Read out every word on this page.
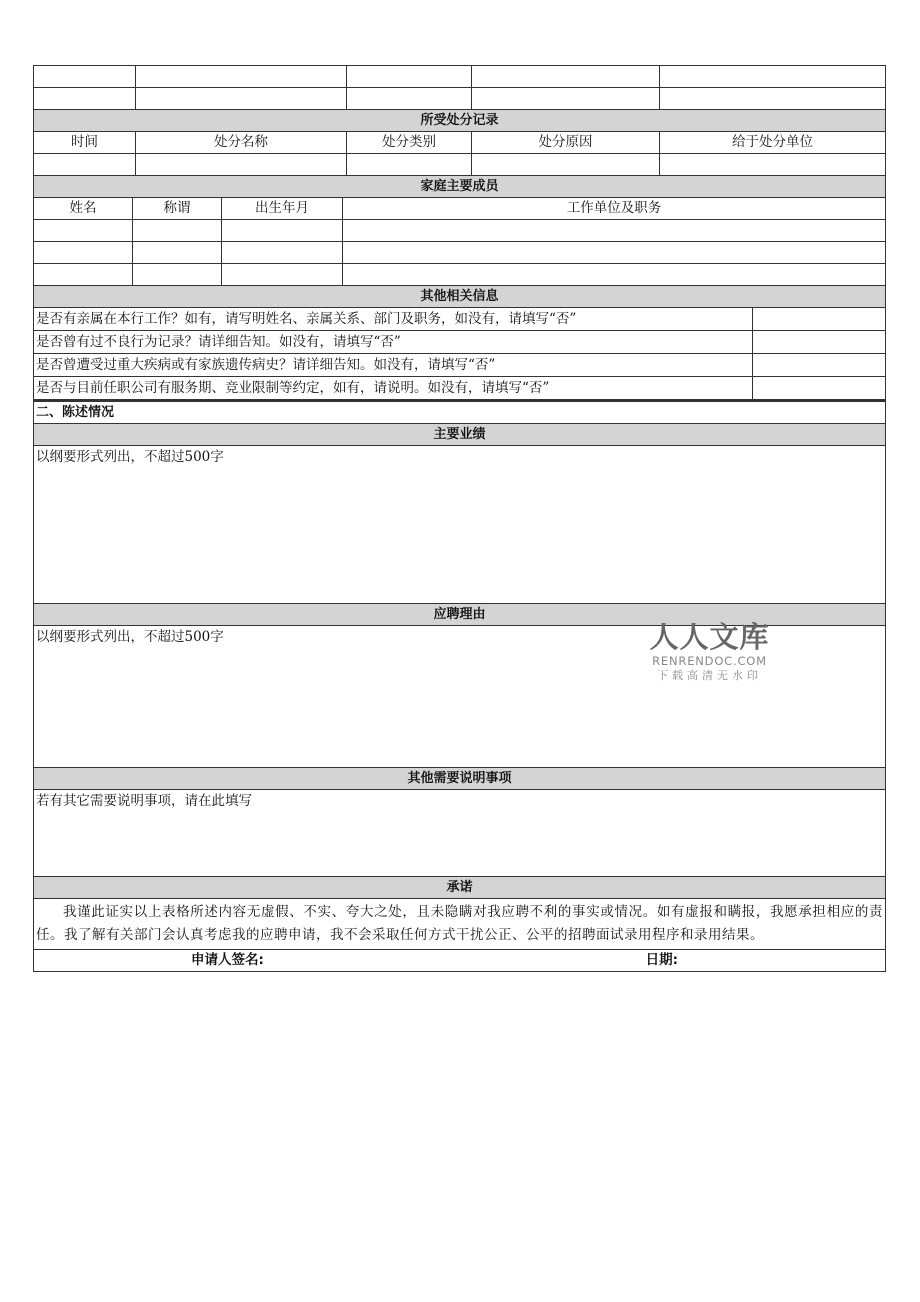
所受处分记录				
时间	处分名称	处分类别	处分原因	给于处分单位

家庭主要成员			
姓名	称谓	出生年月	工作单位及职务

其他相关信息	
是否有亲属在本行工作？如有，请写明姓名、亲属关系、部门及职务，如没有，请填写“否”	
是否曾有过不良行为记录？请详细告知。如没有，请填写“否”	
是否曾遭受过重大疾病或有家族遗传病史？请详细告知。如没有，请填写“否”	
是否与目前任职公司有服务期、竞业限制等约定，如有，请说明。如没有，请填写“否”	
二、陈述情况
主要业绩
以纲要形式列出，不超过500字
应聘理由
以纲要形式列出，不超过500字
其他需要说明事项
若有其它需要说明事项，请在此填写
承诺
我谨此证实以上表格所述内容无虚假、不实、夸大之处，且未隐瞒对我应聘不利的事实或情况。如有虚报和瞒报，我愿承担相应的责任。我了解有关部门会认真考虑我的应聘申请，我不会采取任何方式干扰公正、公平的招聘面试录用程序和录用结果。

申请人签名:	日期:
人人文库
RENRENDOC.COM
下载高清无水印
